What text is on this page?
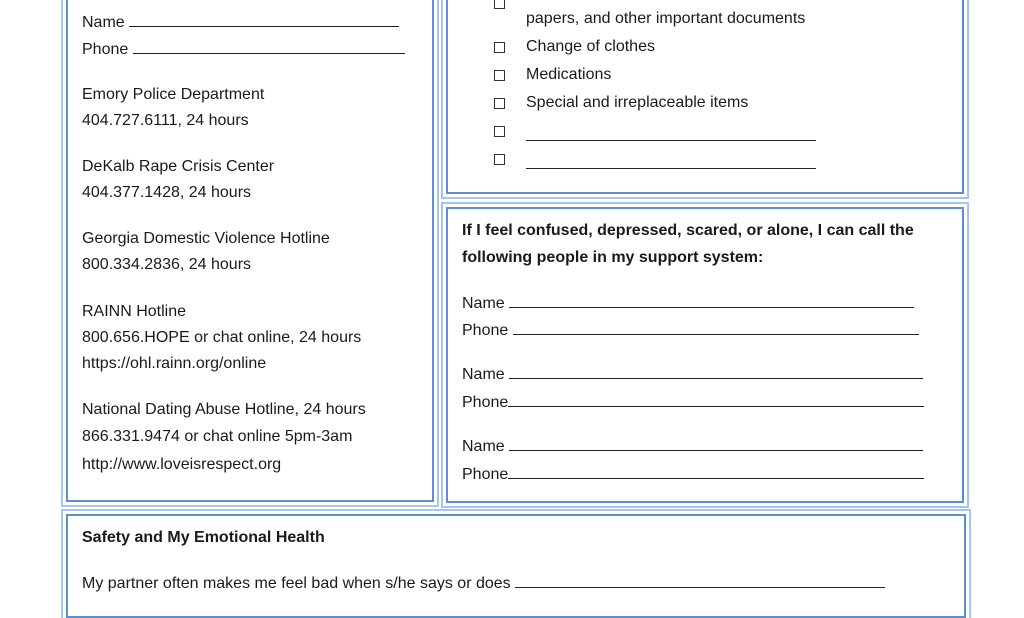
Name
Phone
Emory Police Department
404.727.6111, 24 hours
DeKalb Rape Crisis Center
404.377.1428, 24 hours
Georgia Domestic Violence Hotline
800.334.2836, 24 hours
RAINN Hotline
800.656.HOPE or chat online, 24 hours
https://ohl.rainn.org/online
National Dating Abuse Hotline, 24 hours
866.331.9474 or chat online 5pm-3am
http://www.loveisrespect.org
papers, and other important documents
Change of clothes
Medications
Special and irreplaceable items
If I feel confused, depressed, scared, or alone, I can call the
following people in my support system:
Name
Phone
Name
Phone
Name
Phone
Safety and My Emotional Health
My partner often makes me feel bad when s/he says or does
